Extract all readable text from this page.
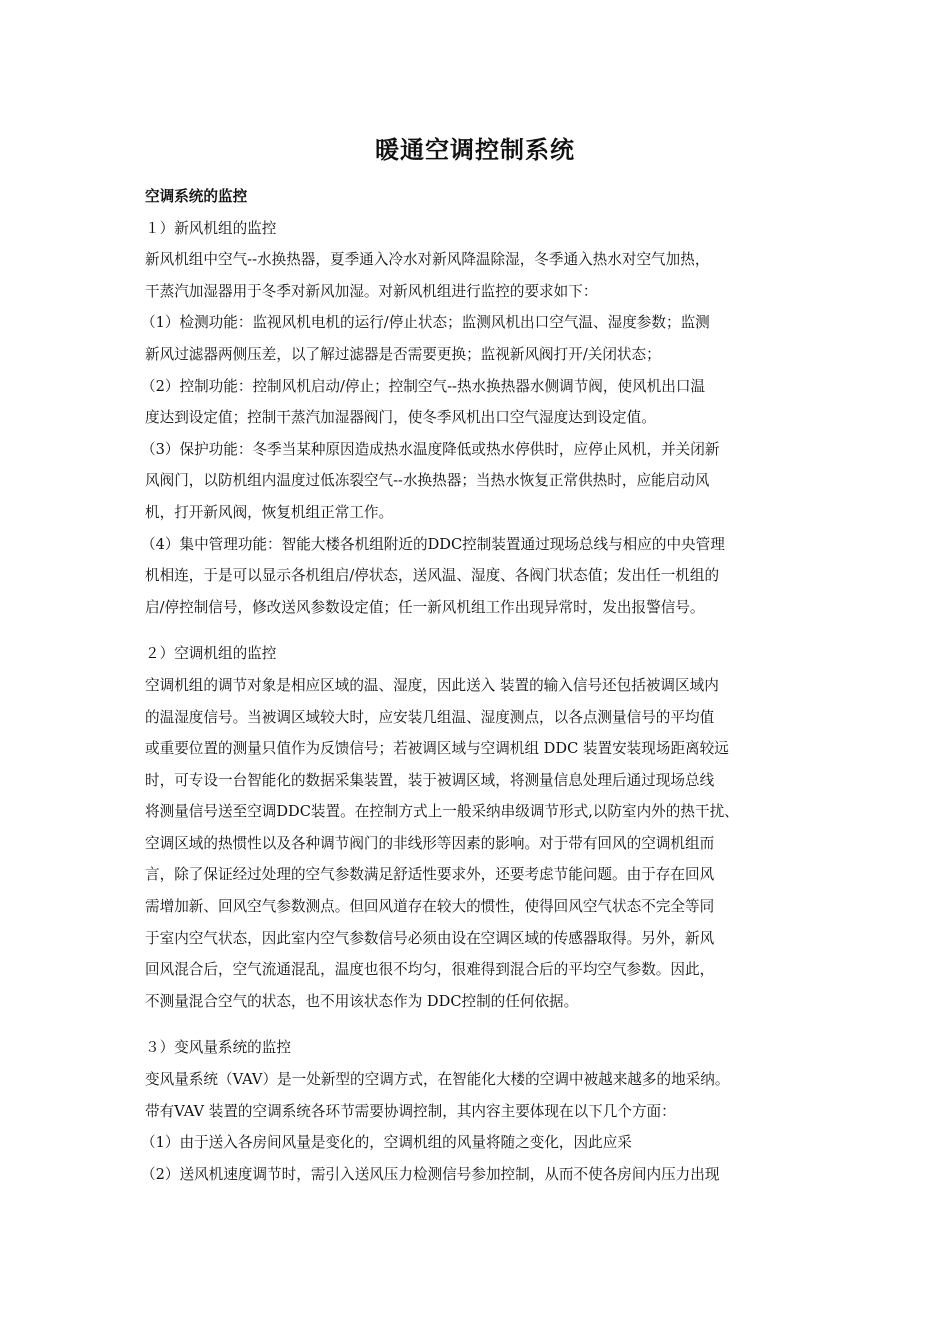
暖通空调控制系统
空调系统的监控
１）新风机组的监控
新风机组中空气--水换热器，夏季通入冷水对新风降温除湿，冬季通入热水对空气加热，
干蒸汽加湿器用于冬季对新风加湿。对新风机组进行监控的要求如下：
（1）检测功能：监视风机电机的运行/停止状态；监测风机出口空气温、湿度参数；监测
新风过滤器两侧压差，以了解过滤器是否需要更换；监视新风阀打开/关闭状态；
（2）控制功能：控制风机启动/停止；控制空气--热水换热器水侧调节阀，使风机出口温
度达到设定值；控制干蒸汽加湿器阀门，使冬季风机出口空气湿度达到设定值。
（3）保护功能：冬季当某种原因造成热水温度降低或热水停供时，应停止风机，并关闭新
风阀门，以防机组内温度过低冻裂空气--水换热器；当热水恢复正常供热时，应能启动风
机，打开新风阀，恢复机组正常工作。
（4）集中管理功能：智能大楼各机组附近的DDC控制装置通过现场总线与相应的中央管理
机相连，于是可以显示各机组启/停状态，送风温、湿度、各阀门状态值；发出任一机组的
启/停控制信号，修改送风参数设定值；任一新风机组工作出现异常时，发出报警信号。
２）空调机组的监控
空调机组的调节对象是相应区域的温、湿度，因此送入 装置的输入信号还包括被调区域内
的温湿度信号。当被调区域较大时，应安装几组温、湿度测点，以各点测量信号的平均值
或重要位置的测量只值作为反馈信号；若被调区域与空调机组 DDC 装置安装现场距离较远
时，可专设一台智能化的数据采集装置，装于被调区域，将测量信息处理后通过现场总线
将测量信号送至空调DDC装置。在控制方式上一般采纳串级调节形式,以防室内外的热干扰、
空调区域的热惯性以及各种调节阀门的非线形等因素的影响。对于带有回风的空调机组而
言，除了保证经过处理的空气参数满足舒适性要求外，还要考虑节能问题。由于存在回风
需增加新、回风空气参数测点。但回风道存在较大的惯性，使得回风空气状态不完全等同
于室内空气状态，因此室内空气参数信号必须由设在空调区域的传感器取得。另外，新风
回风混合后，空气流通混乱，温度也很不均匀，很难得到混合后的平均空气参数。因此，
不测量混合空气的状态，也不用该状态作为 DDC控制的任何依据。
３）变风量系统的监控
变风量系统（VAV）是一处新型的空调方式，在智能化大楼的空调中被越来越多的地采纳。
带有VAV 装置的空调系统各环节需要协调控制，其内容主要体现在以下几个方面：
（1）由于送入各房间风量是变化的，空调机组的风量将随之变化，因此应采
（2）送风机速度调节时，需引入送风压力检测信号参加控制，从而不使各房间内压力出现
